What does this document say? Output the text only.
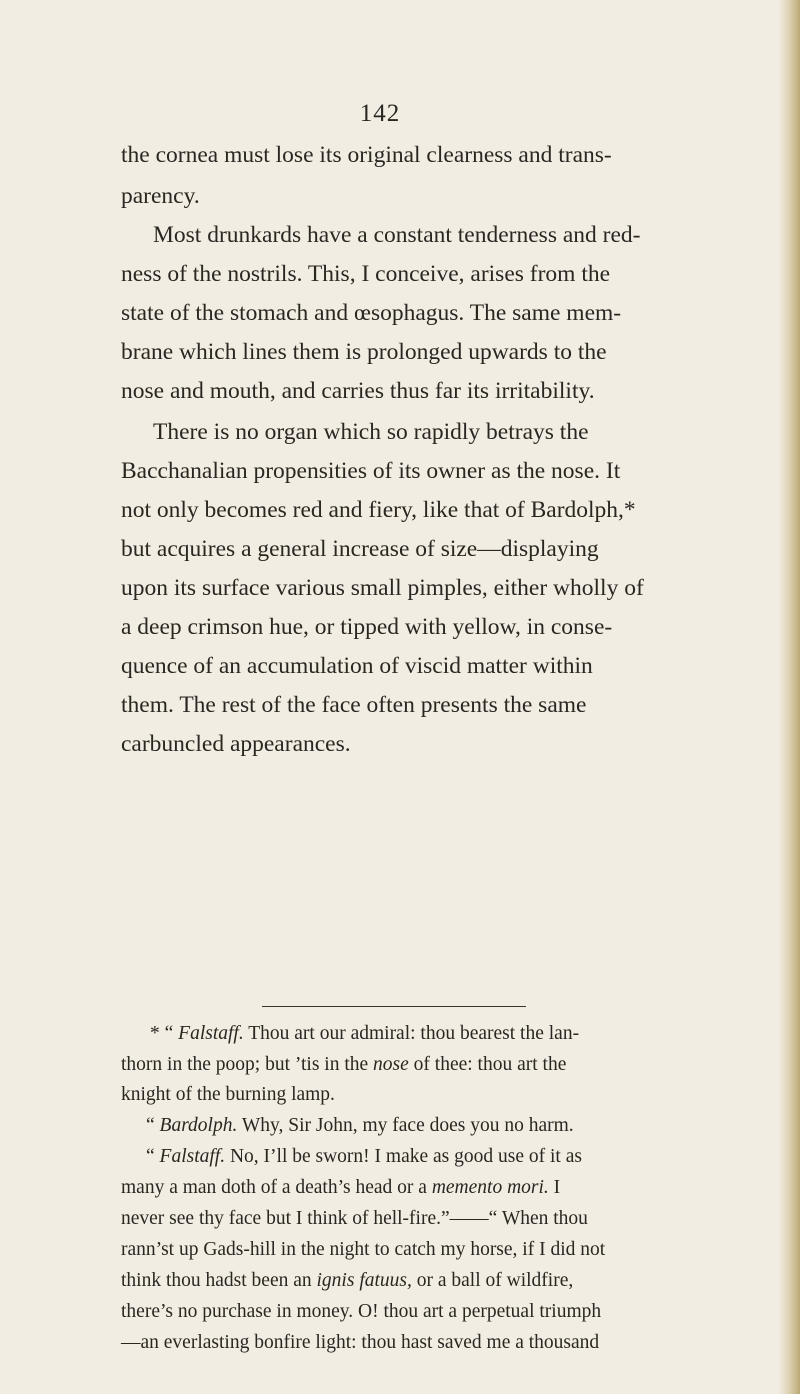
142
the cornea must lose its original clearness and trans-
parency.
Most drunkards have a constant tenderness and red-
ness of the nostrils. This, I conceive, arises from the
state of the stomach and œsophagus. The same mem-
brane which lines them is prolonged upwards to the
nose and mouth, and carries thus far its irritability.
There is no organ which so rapidly betrays the
Bacchanalian propensities of its owner as the nose. It
not only becomes red and fiery, like that of Bardolph,*
but acquires a general increase of size—displaying
upon its surface various small pimples, either wholly of
a deep crimson hue, or tipped with yellow, in conse-
quence of an accumulation of viscid matter within
them. The rest of the face often presents the same
carbuncled appearances.
* “ Falstaff. Thou art our admiral: thou bearest the lan-
thorn in the poop; but ’tis in the nose of thee: thou art the
knight of the burning lamp.
“ Bardolph. Why, Sir John, my face does you no harm.
“ Falstaff. No, I’ll be sworn! I make as good use of it as
many a man doth of a death’s head or a memento mori. I
never see thy face but I think of hell-fire.”——“ When thou
rann’st up Gads-hill in the night to catch my horse, if I did not
think thou hadst been an ignis fatuus, or a ball of wildfire,
there’s no purchase in money. O! thou art a perpetual triumph
—an everlasting bonfire light: thou hast saved me a thousand
